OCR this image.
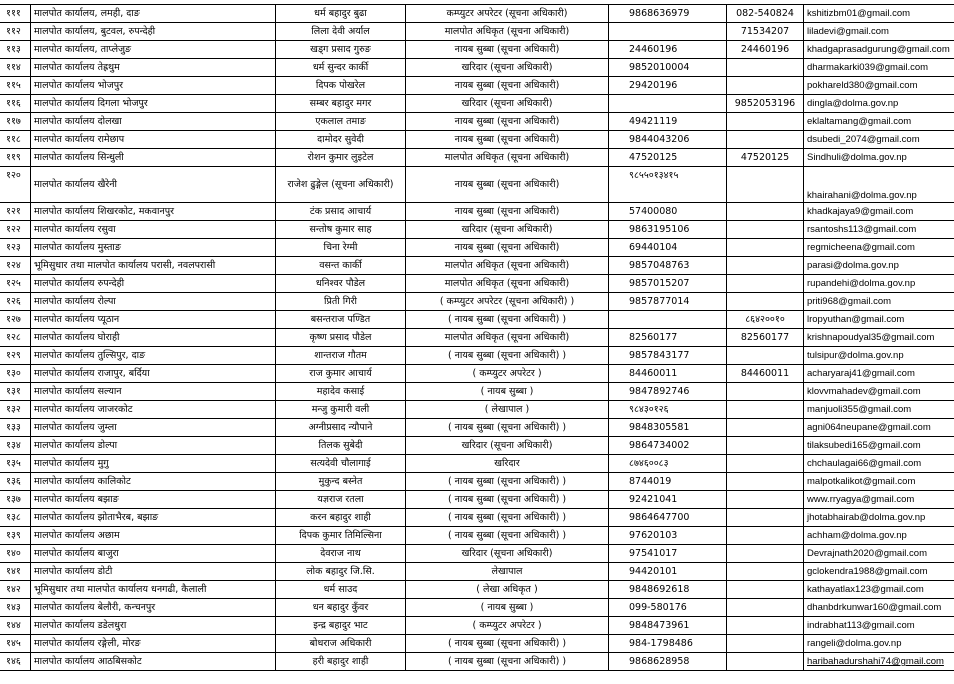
१११	मालपोत कार्यालय, लमही, दाङ	धर्म बहादुर बुढा	कम्प्युटर अपरेटर (सूचना अधिकारी)	9868636979	082-540824	kshitizbm01@gmail.com
११२	मालपोत कार्यालय, बुटवल, रुपन्देही	लिला देवी अर्याल	मालपोत अधिकृत (सूचना अधिकारी)		71534207	liladevi@gmail.com
११३	मालपोत कार्यालय, ताप्लेजुङ	खड्ग प्रसाद गुरुङ	नायब सुब्बा (सूचना अधिकारी)	24460196	24460196	khadgaprasadgurung@gmail.com
११४	मालपोत कार्यालय तेह्रथुम	धर्म सुन्दर कार्की	खरिदार (सूचना अधिकारी)	9852010004		dharmakarki039@gmail.com
११५	मालपोत कार्यालय भोजपुर	दिपक पोखरेल	नायब सुब्बा (सूचना अधिकारी)	29420196		pokhareld380@gmail.com
११६	मालपोत कार्यालय दिगला भोजपुर	सम्बर बहादुर मगर	खरिदार (सूचना अधिकारी)		9852053196	dingla@dolma.gov.np
११७	मालपोत कार्यालय दोलखा	एकलाल तमाङ	नायब सुब्बा (सूचना अधिकारी)	49421119		eklaltamang@gmail.com
११८	मालपोत कार्यालय रामेछाप	दामोदर सुवेदी	नायब सुब्बा (सूचना अधिकारी)	9844043206		dsubedi_2074@gmail.com
११९	मालपोत कार्यालय सिन्धुली	रोशन कुमार लुइटेल	मालपोत अधिकृत (सूचना अधिकारी)	47520125	47520125	Sindhuli@dolma.gov.np
१२०	मालपोत कार्यालय खैरेनी	राजेश ढुङ्गेल (सूचना अधिकारी)	नायब सुब्बा (सूचना अधिकारी)	९८५५०१३४१५		khairahani@dolma.gov.np
१२१	मालपोत कार्यालय शिखरकोट, मकवानपुर	टंक प्रसाद आचार्य	नायब सुब्बा (सूचना अधिकारी)	57400080		khadkajaya9@gmail.com
१२२	मालपोत कार्यालय रसुवा	सन्तोष कुमार साह	खरिदार (सूचना अधिकारी)	9863195106		rsantoshs113@gmail.com
१२३	मालपोत कार्यालय मुस्ताङ	चिना रेग्मी	नायब सुब्बा (सूचना अधिकारी)	69440104		regmicheena@gmail.com
१२४	भूमिसुधार तथा मालपोत कार्यालय परासी, नवलपरासी	वसन्त कार्की	मालपोत अधिकृत (सूचना अधिकारी)	9857048763		parasi@dolma.gov.np
१२५	मालपोत कार्यालय रुपन्देही	धनिश्वर पौडेल	मालपोत अधिकृत (सूचना अधिकारी)	9857015207		rupandehi@dolma.gov.np
१२६	मालपोत कार्यालय रोल्पा	प्रिती गिरी	( कम्प्युटर अपरेटर (सूचना अधिकारी) )	9857877014		priti968@gmail.com
१२७	मालपोत कार्यालय प्यूठान	बसन्तराज पण्डित	( नायब सुब्बा (सूचना अधिकारी) )		८६४२००१०	lropyuthan@gmail.com
१२८	मालपोत कार्यालय घोराही	कृष्ण प्रसाद पौडेल	मालपोत अधिकृत (सूचना अधिकारी)	82560177	82560177	krishnapoudyal35@gmail.com
१२९	मालपोत कार्यालय तुल्सिपुर, दाङ	शान्तराज गौतम	( नायब सुब्बा (सूचना अधिकारी) )	9857843177		tulsipur@dolma.gov.np
१३०	मालपोत कार्यालय राजापुर, बर्दिया	राज कुमार आचार्य	( कम्प्युटर अपरेटर )	84460011	84460011	acharyaraj41@gmail.com
१३१	मालपोत कार्यालय सल्यान	महादेव कसाई	( नायब सुब्बा )	9847892746		klovvmahadev@gmail.com
१३२	मालपोत कार्यालय जाजरकोट	मन्जु कुमारी वली	( लेखापाल )	९८४३०१२६		manjuoli355@gmail.com
१३३	मालपोत कार्यालय जुम्ला	अग्नीप्रसाद न्यौपाने	( नायब सुब्बा (सूचना अधिकारी) )	9848305581		agni064neupane@gmail.com
१३४	मालपोत कार्यालय डोल्पा	तिलक सुबेदी	खरिदार (सूचना अधिकारी)	9864734002		tilaksubedi165@gmail.com
१३५	मालपोत कार्यालय मुगु	सत्यदेवी चौलागाई	खरिदार	८७४६००८३		chchaulagai66@gmail.com
१३६	मालपोत कार्यालय कालिकोट	मुकुन्द बस्नेत	( नायब सुब्बा (सूचना अधिकारी) )	8744019		malpotkalikot@gmail.com
१३७	मालपोत कार्यालय बझाङ	यज्ञराज रतला	( नायब सुब्बा (सूचना अधिकारी) )	92421041		www.rryagya@gmail.com
१३८	मालपोत कार्यालय झोताभैरब, बझाङ	करन बहादुर शाही	( नायब सुब्बा (सूचना अधिकारी) )	9864647700		jhotabhairab@dolma.gov.np
१३९	मालपोत कार्यालय अछाम	दिपक कुमार तिमिल्सिना	( नायब सुब्बा (सूचना अधिकारी) )	97620103		achham@dolma.gov.np
१४०	मालपोत कार्यालय बाजुरा	देवराज नाथ	खरिदार (सूचना अधिकारी)	97541017		Devrajnath2020@gmail.com
१४१	मालपोत कार्यालय डोटी	लोक बहादुर जि.सि.	लेखापाल	94420101		gclokendra1988@gmail.com
१४२	भूमिसुधार तथा मालपोत कार्यालय धनगढी, कैलाली	धर्म साउद	( लेखा अधिकृत )	9848692618		kathayatlax123@gmail.com
१४३	मालपोत कार्यालय बेलौरी, कन्चनपुर	धन बहादुर कुँवर	( नायब सुब्बा )	099-580176		dhanbdrkunwar160@gmail.com
१४४	मालपोत कार्यालय डडेलधुरा	इन्द्र बहादुर भाट	( कम्प्युटर अपरेटर )	9848473961		indrabhat113@gmail.com
१४५	मालपोत कार्यालय रङ्गेली, मोरङ	बोधराज अधिकारी	( नायब सुब्बा (सूचना अधिकारी) )	984-1798486		rangeli@dolma.gov.np
१४६	मालपोत कार्यालय आठबिसकोट	हरी बहादुर शाही	( नायब सुब्बा (सूचना अधिकारी) )	9868628958		haribahadurshahi74@gmail.com
